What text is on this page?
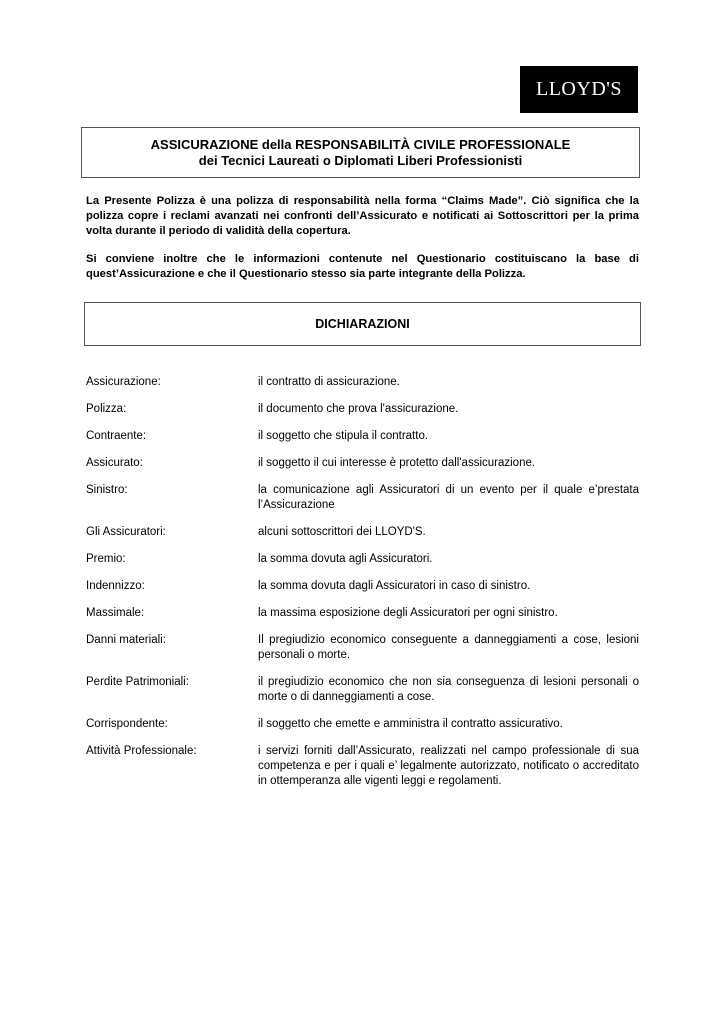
LLOYD'S
ASSICURAZIONE della RESPONSABILITÀ CIVILE PROFESSIONALE
dei Tecnici Laureati o Diplomati Liberi Professionisti
La Presente Polizza è una polizza di responsabilità nella forma “Claims Made”. Ciò significa che la polizza copre i reclami avanzati nei confronti dell’Assicurato e notificati ai Sottoscrittori per la prima volta durante il periodo di validità della copertura.
Si conviene inoltre che le informazioni contenute nel Questionario costituiscano la base di quest’Assicurazione e che il Questionario stesso sia parte integrante della Polizza.
DICHIARAZIONI
Assicurazione:	il contratto di assicurazione.
Polizza:	il documento che prova l'assicurazione.
Contraente:	il soggetto che stipula il contratto.
Assicurato:	il soggetto il cui interesse è protetto dall'assicurazione.
Sinistro:	la comunicazione agli Assicuratori di un evento per il quale e’prestata l’Assicurazione
Gli Assicuratori:	alcuni sottoscrittori dei LLOYD'S.
Premio:	la somma dovuta agli Assicuratori.
Indennizzo:	la somma dovuta dagli Assicuratori in caso di sinistro.
Massimale:	la massima esposizione degli Assicuratori per ogni sinistro.
Danni materiali:	Il pregiudizio economico conseguente a danneggiamenti a cose, lesioni personali o morte.
Perdite Patrimoniali:	il pregiudizio economico che non sia conseguenza di lesioni personali o morte o di danneggiamenti a cose.
Corrispondente:	il soggetto che emette e amministra il contratto assicurativo.
Attività Professionale:	i servizi forniti dall’Assicurato, realizzati nel campo professionale di sua competenza e per i quali e’ legalmente autorizzato, notificato o accreditato in ottemperanza alle vigenti leggi e regolamenti.
